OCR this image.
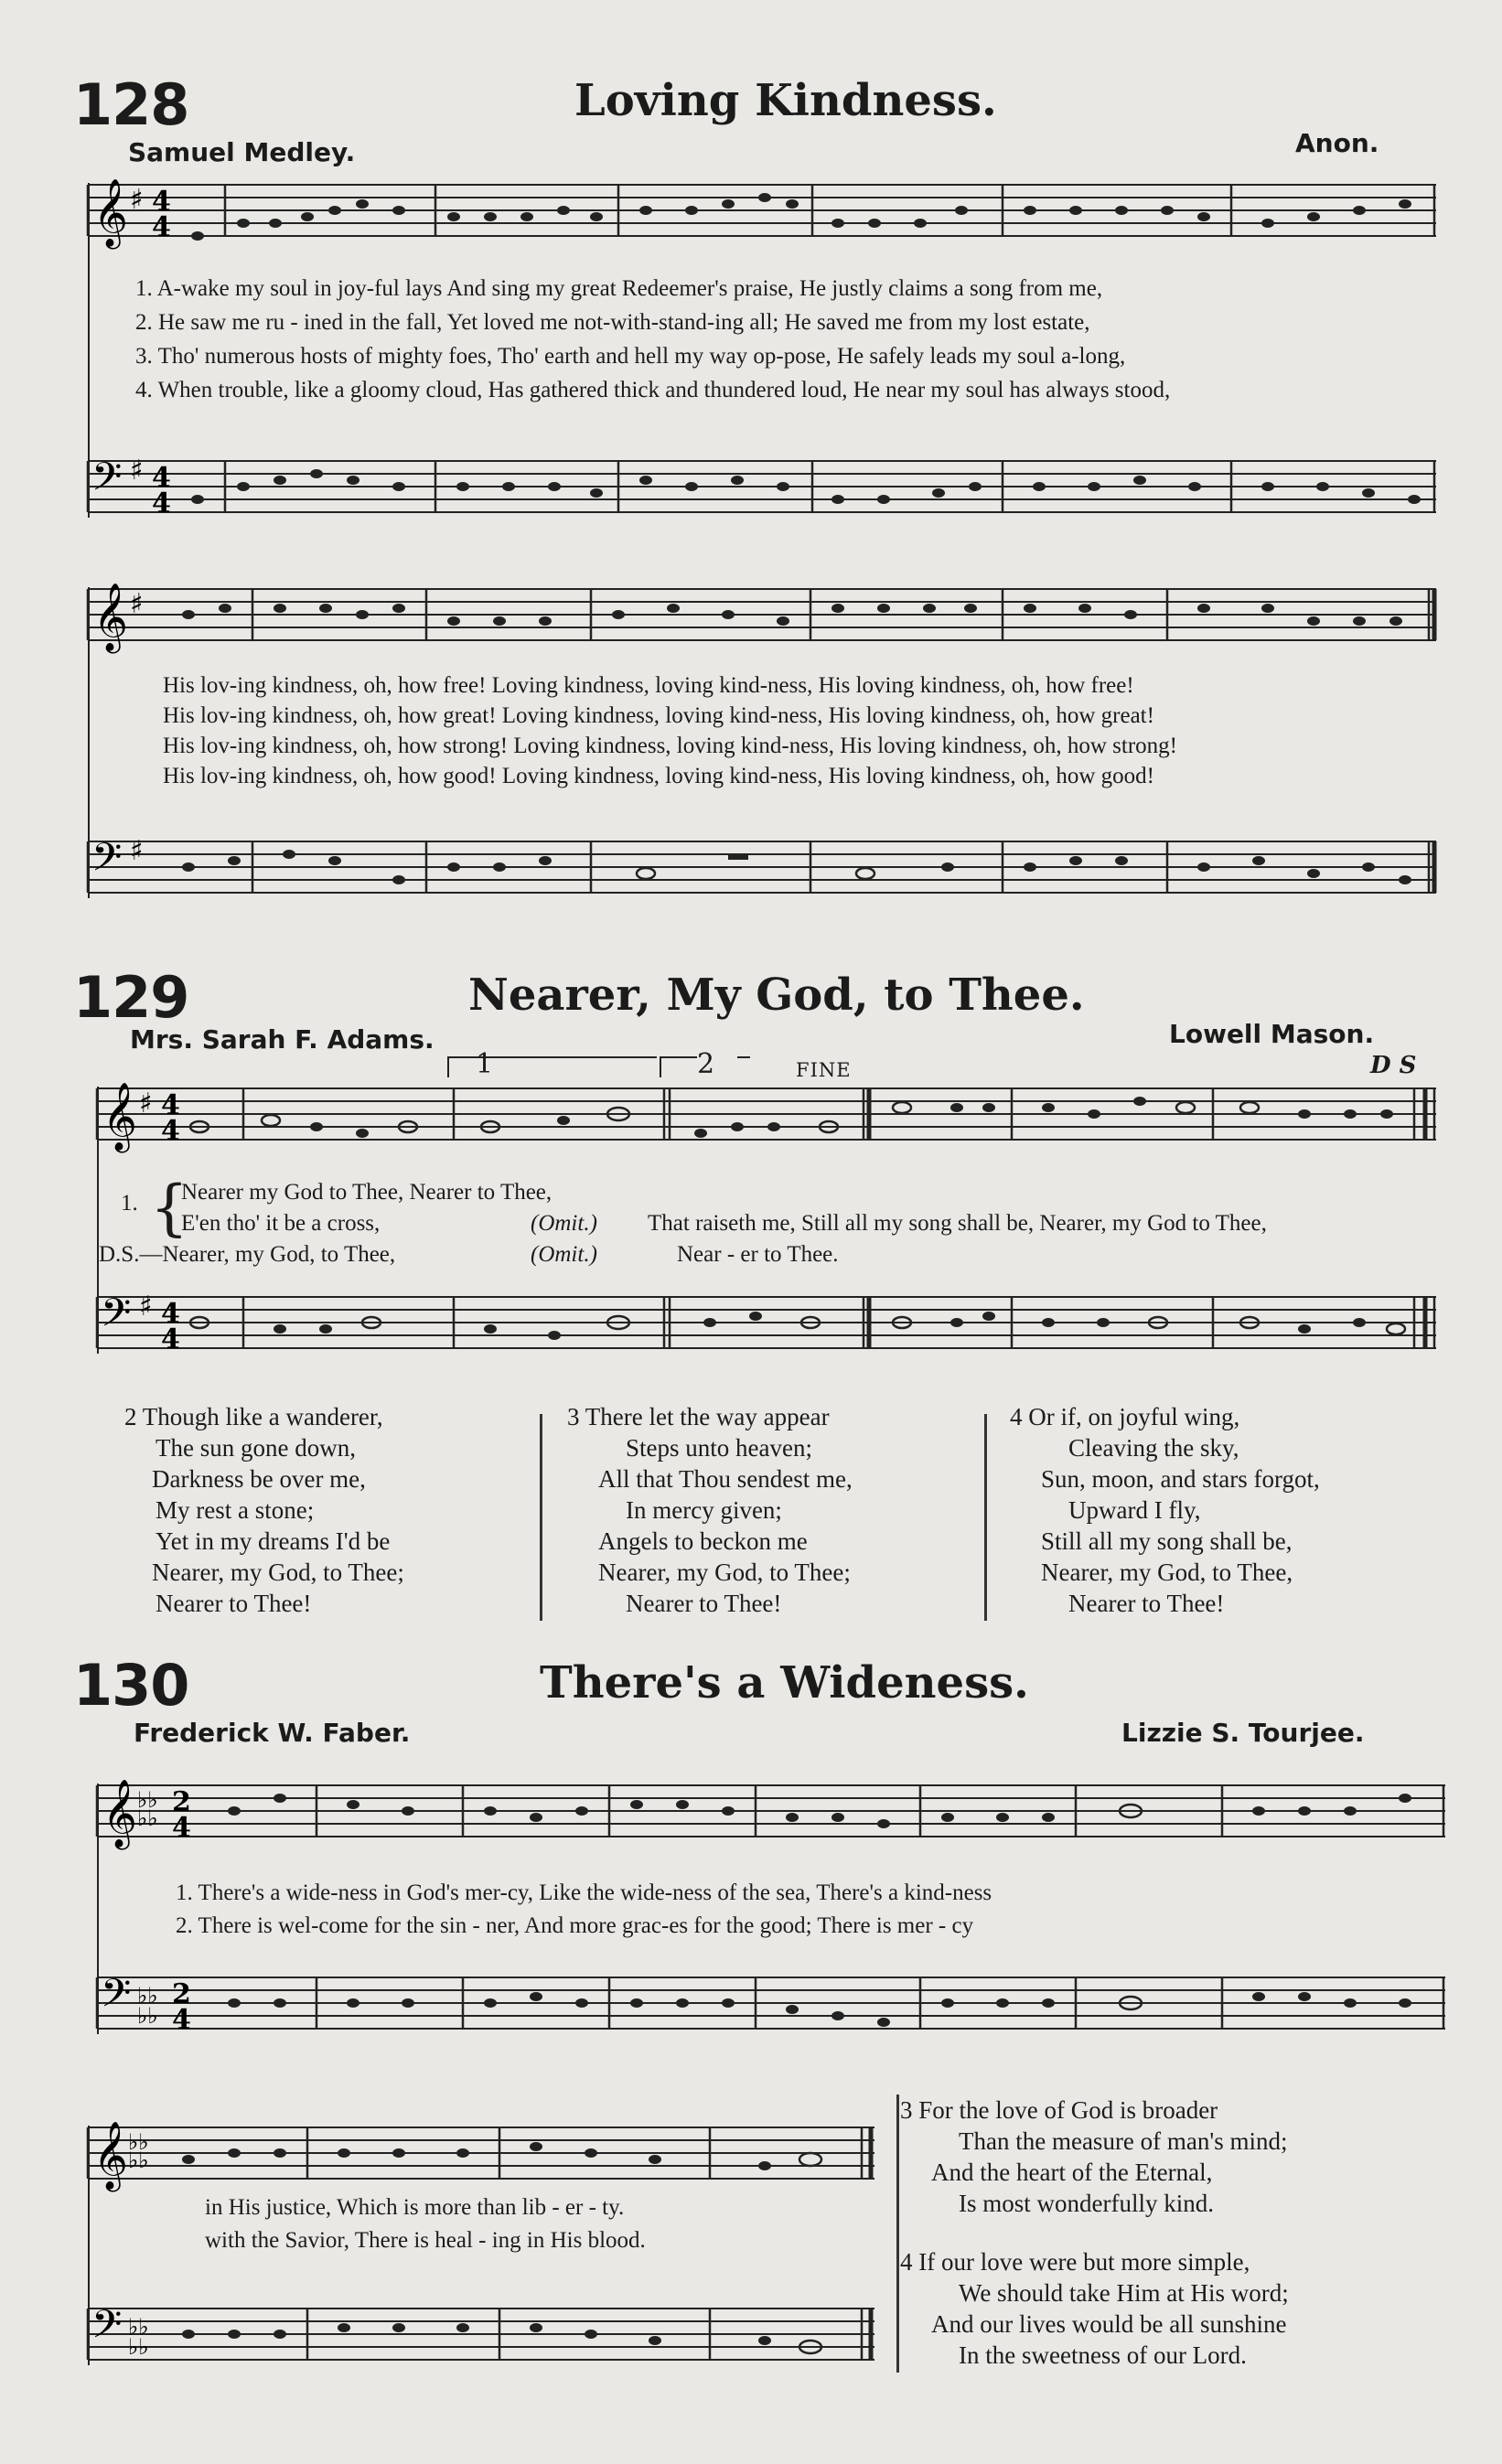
128	Loving Kindness.
Samuel Medley.	Anon.
𝄞 ♯ 4
4
1. A-wake my soul in joy-ful lays And sing my great Redeemer's praise, He justly claims a song from me,
2. He saw me ru - ined in the fall, Yet loved me not-with-stand-ing all; He saved me from my lost estate,
3. Tho' numerous hosts of mighty foes, Tho' earth and hell my way op-pose, He safely leads my soul a-long,
4. When trouble, like a gloomy cloud, Has gathered thick and thundered loud, He near my soul has always stood,
𝄢 ♯ 4
4
𝄞 ♯
His lov-ing kindness, oh, how free! Loving kindness, loving kind-ness, His loving kindness, oh, how free!
His lov-ing kindness, oh, how great! Loving kindness, loving kind-ness, His loving kindness, oh, how great!
His lov-ing kindness, oh, how strong! Loving kindness, loving kind-ness, His loving kindness, oh, how strong!
His lov-ing kindness, oh, how good! Loving kindness, loving kind-ness, His loving kindness, oh, how good!
𝄢 ♯
129	Nearer, My God, to Thee.
Mrs. Sarah F. Adams.	Lowell Mason.
1	2	FINE	D S
𝄞 ♯ 4
4
1. {
Nearer my God to Thee, Nearer to Thee,
E'en tho' it be a cross,	(Omit.) That raiseth me, Still all my song shall be, Nearer, my God to Thee,
D.S.—Nearer, my God, to Thee,	(Omit.)	Near - er to Thee.
𝄢 ♯ 4
4
2 Though like a wanderer,
The sun gone down,
Darkness be over me,
My rest a stone;
Yet in my dreams I'd be
Nearer, my God, to Thee;
Nearer to Thee!
3 There let the way appear
Steps unto heaven;
All that Thou sendest me,
In mercy given;
Angels to beckon me
Nearer, my God, to Thee;
Nearer to Thee!
4 Or if, on joyful wing,
Cleaving the sky,
Sun, moon, and stars forgot,
Upward I fly,
Still all my song shall be,
Nearer, my God, to Thee,
Nearer to Thee!
130	There's a Wideness.
Frederick W. Faber.	Lizzie S. Tourjee.
𝄞 ♭♭
♭♭ 2
4
1. There's a wide-ness in God's mer-cy, Like the wide-ness of the sea, There's a kind-ness
2. There is wel-come for the sin - ner, And more grac-es for the good; There is mer - cy
𝄢 ♭♭
♭♭
2
4
𝄞 ♭♭
♭♭
in His justice, Which is more than lib - er - ty.
with the Savior, There is heal - ing in His blood.
𝄢 ♭♭
♭♭
3 For the love of God is broader
Than the measure of man's mind;
And the heart of the Eternal,
Is most wonderfully kind.
4 If our love were but more simple,
We should take Him at His word;
And our lives would be all sunshine
In the sweetness of our Lord.
